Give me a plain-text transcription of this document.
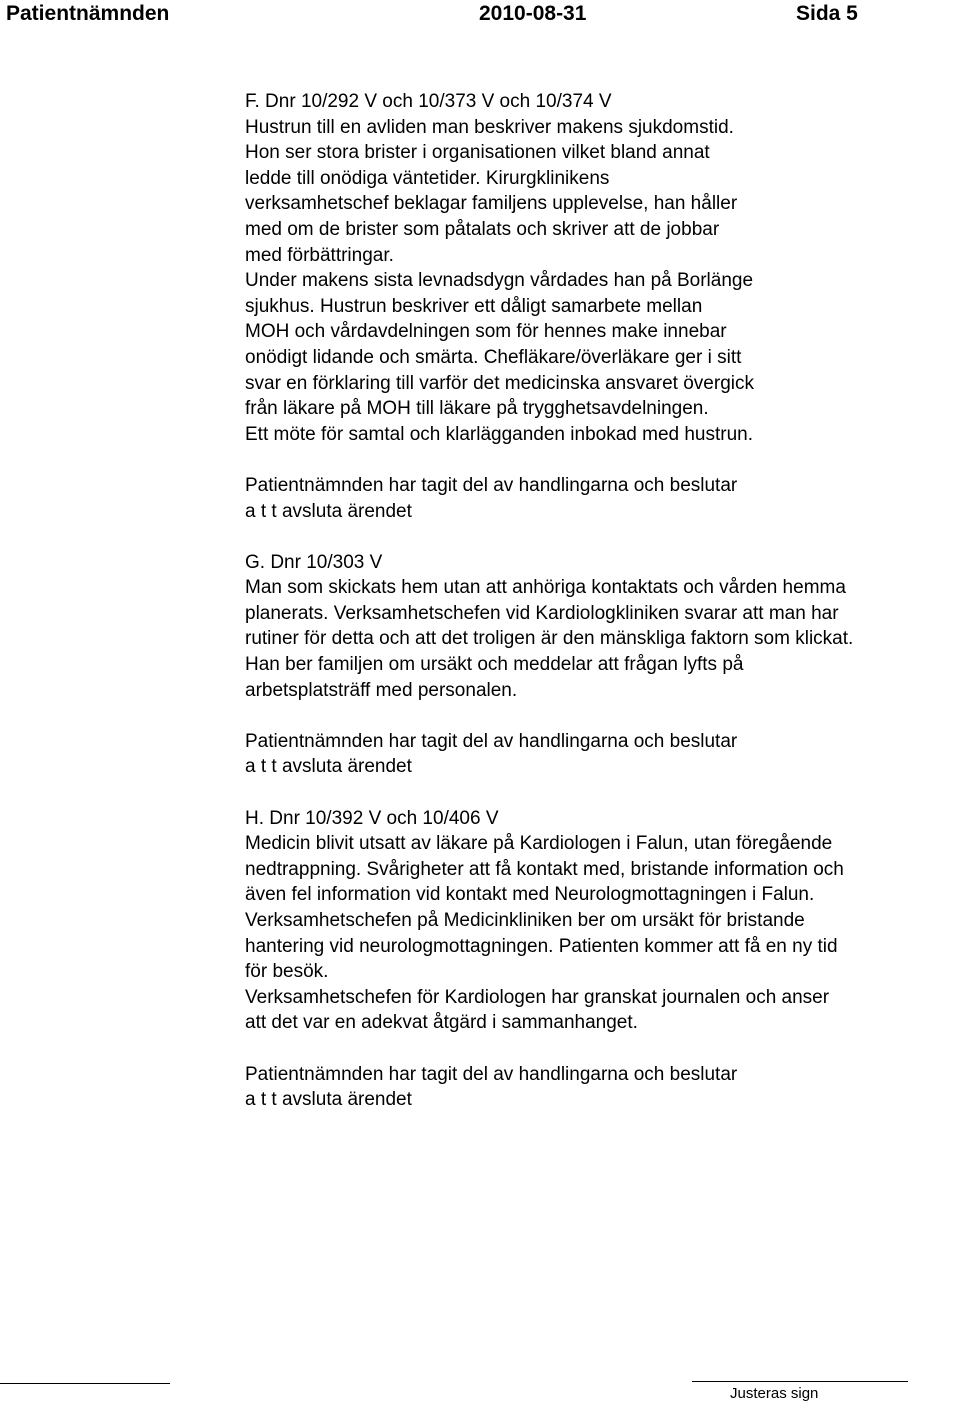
Patientnämnden	2010-08-31	Sida 5
F. Dnr 10/292 V och 10/373 V och 10/374 V
Hustrun till en avliden man beskriver makens sjukdomstid.
Hon ser stora brister i organisationen vilket bland annat
ledde till onödiga väntetider. Kirurgklinikens
verksamhetschef beklagar familjens upplevelse, han håller
med om de brister som påtalats och skriver att de jobbar
med förbättringar.
Under makens sista levnadsdygn vårdades han på Borlänge
sjukhus. Hustrun beskriver ett dåligt samarbete mellan
MOH och vårdavdelningen som för hennes make innebar
onödigt lidande och smärta. Chefläkare/överläkare ger i sitt
svar en förklaring till varför det medicinska ansvaret övergick
från läkare på MOH till läkare på trygghetsavdelningen.
Ett möte för samtal och klarlägganden inbokad med hustrun.
Patientnämnden har tagit del av handlingarna och beslutar
a t t avsluta ärendet
G. Dnr 10/303 V
Man som skickats hem utan att anhöriga kontaktats och vården hemma
planerats. Verksamhetschefen vid Kardiologkliniken svarar att man har
rutiner för detta och att det troligen är den mänskliga faktorn som klickat.
Han ber familjen om ursäkt och meddelar att frågan lyfts på
arbetsplatsträff med personalen.
Patientnämnden har tagit del av handlingarna och beslutar
a t t avsluta ärendet
H. Dnr 10/392 V och 10/406 V
Medicin blivit utsatt av läkare på Kardiologen i Falun, utan föregående
nedtrappning. Svårigheter att få kontakt med, bristande information och
även fel information vid kontakt med Neurologmottagningen i Falun.
Verksamhetschefen på Medicinkliniken ber om ursäkt för bristande
hantering vid neurologmottagningen. Patienten kommer att få en ny tid
för besök.
Verksamhetschefen för Kardiologen har granskat journalen och anser
att det var en adekvat åtgärd i sammanhanget.
Patientnämnden har tagit del av handlingarna och beslutar
a t t avsluta ärendet
Justeras sign
